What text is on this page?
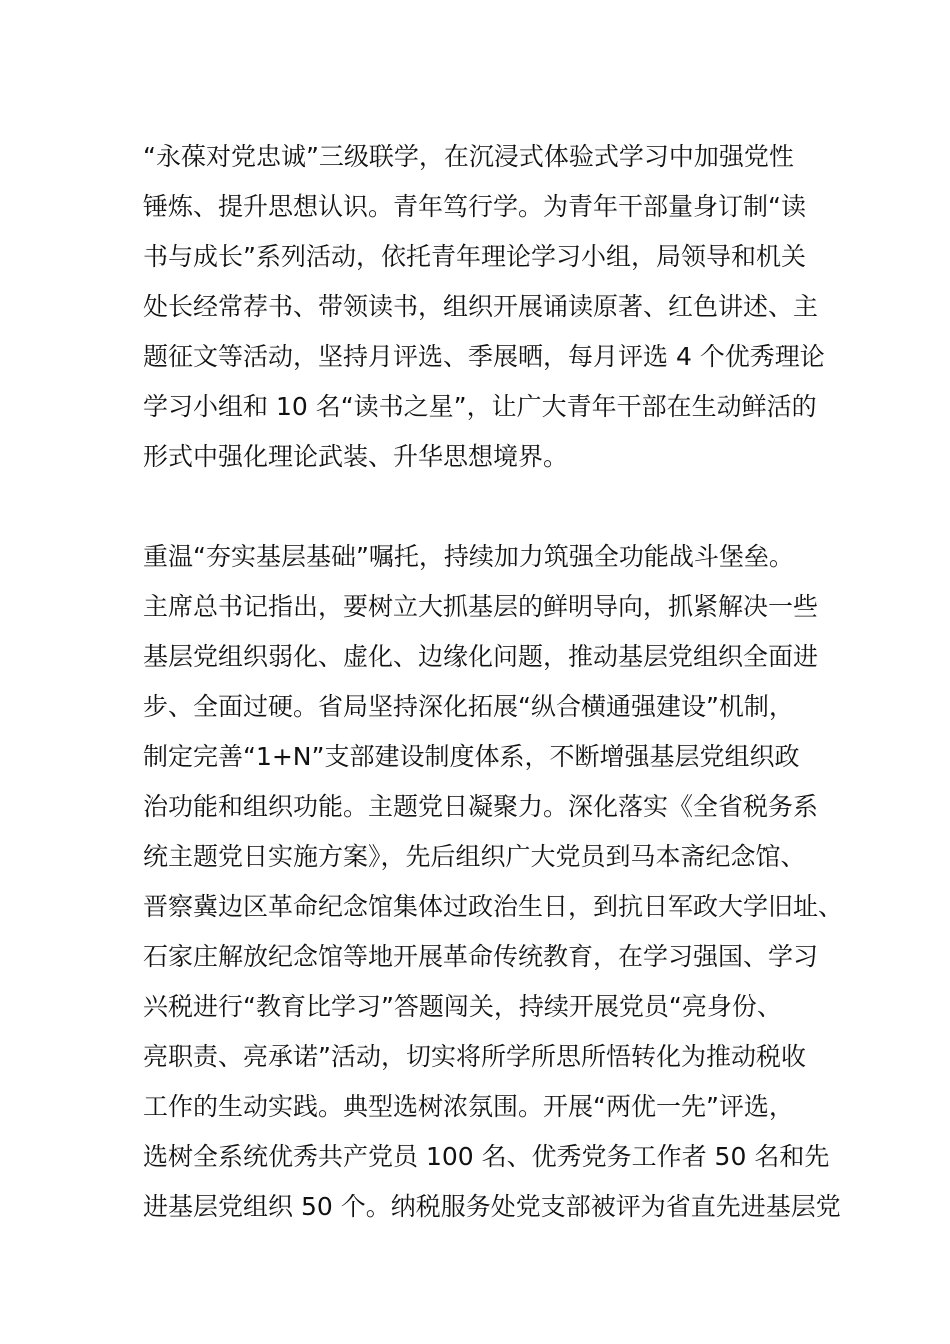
“永葆对党忠诚”三级联学，在沉浸式体验式学习中加强党性
锤炼、提升思想认识。青年笃行学。为青年干部量身订制“读
书与成长”系列活动，依托青年理论学习小组，局领导和机关
处长经常荐书、带领读书，组织开展诵读原著、红色讲述、主
题征文等活动，坚持月评选、季展晒，每月评选 4 个优秀理论
学习小组和 10 名“读书之星”，让广大青年干部在生动鲜活的
形式中强化理论武装、升华思想境界。
重温“夯实基层基础”嘱托，持续加力筑强全功能战斗堡垒。
主席总书记指出，要树立大抓基层的鲜明导向，抓紧解决一些
基层党组织弱化、虚化、边缘化问题，推动基层党组织全面进
步、全面过硬。省局坚持深化拓展“纵合横通强建设”机制，
制定完善“1+N”支部建设制度体系，不断增强基层党组织政
治功能和组织功能。主题党日凝聚力。深化落实《全省税务系
统主题党日实施方案》，先后组织广大党员到马本斋纪念馆、
晋察冀边区革命纪念馆集体过政治生日，到抗日军政大学旧址、
石家庄解放纪念馆等地开展革命传统教育，在学习强国、学习
兴税进行“教育比学习”答题闯关，持续开展党员“亮身份、
亮职责、亮承诺”活动，切实将所学所思所悟转化为推动税收
工作的生动实践。典型选树浓氛围。开展“两优一先”评选，
选树全系统优秀共产党员 100 名、优秀党务工作者 50 名和先
进基层党组织 50 个。纳税服务处党支部被评为省直先进基层党
